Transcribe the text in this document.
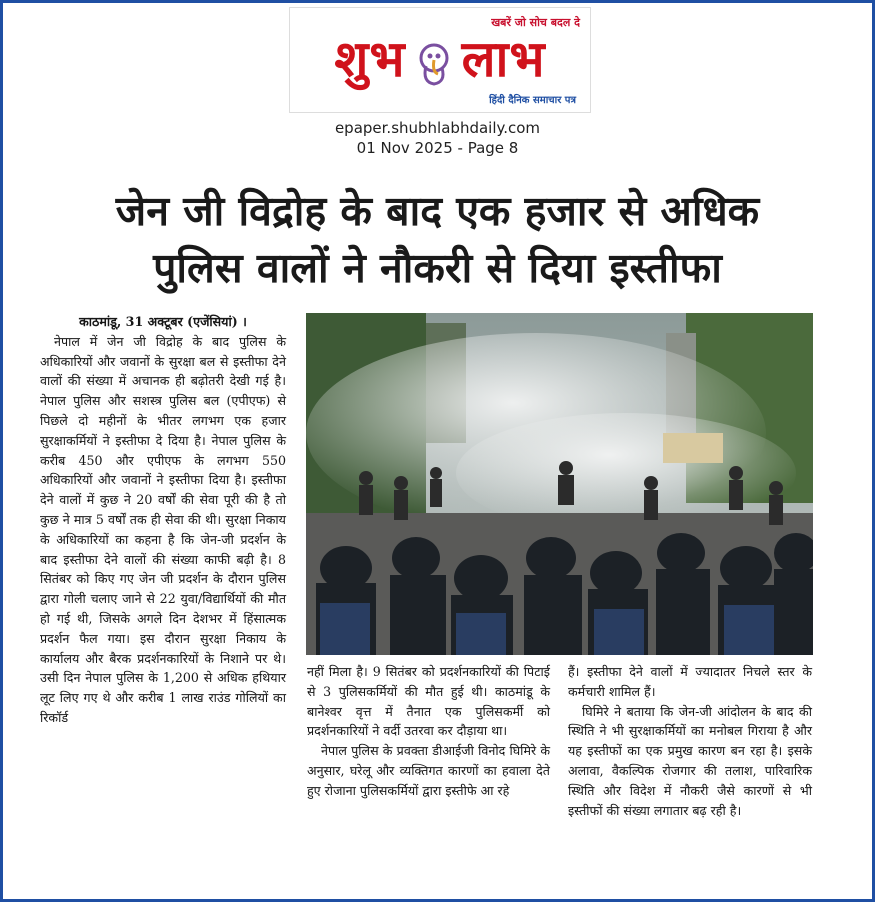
खबरें जो सोच बदल दे
शुभ लाभ
हिंदी दैनिक समाचार पत्र
epaper.shubhlabhdaily.com
01 Nov 2025 - Page 8
जेन जी विद्रोह के बाद एक हजार से अधिक
पुलिस वालों ने नौकरी से दिया इस्तीफा

काठमांडू, 31 अक्टूबर (एजेंसियां) ।

नेपाल में जेन जी विद्रोह के बाद पुलिस के अधिकारियों और जवानों के सुरक्षा बल से इस्तीफा देने वालों की संख्या में अचानक ही बढ़ोतरी देखी गई है। नेपाल पुलिस और सशस्त्र पुलिस बल (एपीएफ) से पिछले दो महीनों के भीतर लगभग एक हजार सुरक्षाकर्मियों ने इस्तीफा दे दिया है। नेपाल पुलिस के करीब 450 और एपीएफ के लगभग 550 अधिकारियों और जवानों ने इस्तीफा दिया है। इस्तीफा देने वालों में कुछ ने 20 वर्षों की सेवा पूरी की है तो कुछ ने मात्र 5 वर्षों तक ही सेवा की थी। सुरक्षा निकाय के अधिकारियों का कहना है कि जेन-जी प्रदर्शन के बाद इस्तीफा देने वालों की संख्या काफी बढ़ी है। 8 सितंबर को किए गए जेन जी प्रदर्शन के दौरान पुलिस द्वारा गोली चलाए जाने से 22 युवा/विद्यार्थियों की मौत हो गई थी, जिसके अगले दिन देशभर में हिंसात्मक प्रदर्शन फैल गया। इस दौरान सुरक्षा निकाय के कार्यालय और बैरक प्रदर्शनकारियों के निशाने पर थे। उसी दिन नेपाल पुलिस के 1,200 से अधिक हथियार लूट लिए गए थे और करीब 1 लाख राउंड गोलियों का रिकॉर्ड

नहीं मिला है। 9 सितंबर को प्रदर्शनकारियों की पिटाई से 3 पुलिसकर्मियों की मौत हुई थी। काठमांडू के बानेश्वर वृत्त में तैनात एक पुलिसकर्मी को प्रदर्शनकारियों ने वर्दी उतरवा कर दौड़ाया था।

नेपाल पुलिस के प्रवक्ता डीआईजी विनोद घिमिरे के अनुसार, घरेलू और व्यक्तिगत कारणों का हवाला देते हुए रोजाना पुलिसकर्मियों द्वारा इस्तीफे आ रहे

हैं। इस्तीफा देने वालों में ज्यादातर निचले स्तर के कर्मचारी शामिल हैं।

घिमिरे ने बताया कि जेन-जी आंदोलन के बाद की स्थिति ने भी सुरक्षाकर्मियों का मनोबल गिराया है और यह इस्तीफों का एक प्रमुख कारण बन रहा है। इसके अलावा, वैकल्पिक रोजगार की तलाश, पारिवारिक स्थिति और विदेश में नौकरी जैसे कारणों से भी इस्तीफों की संख्या लगातार बढ़ रही है।
